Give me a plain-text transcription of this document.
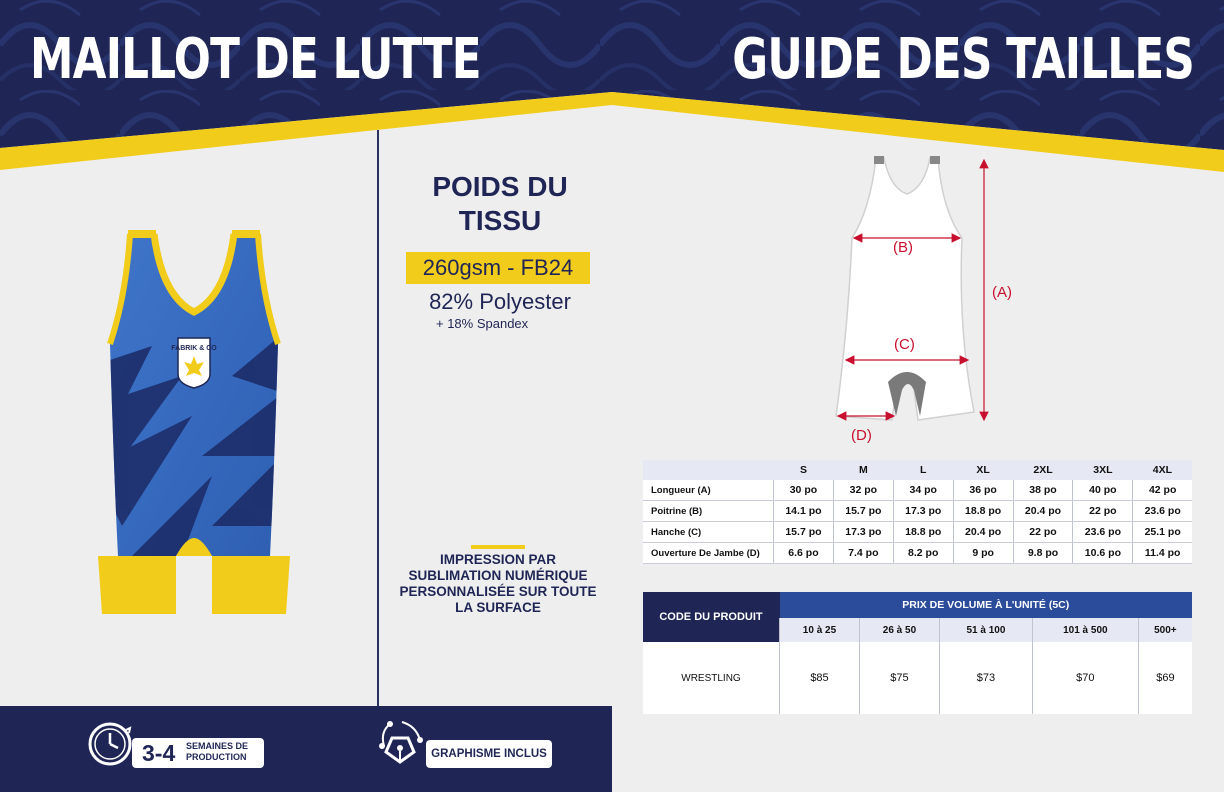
MAILLOT DE LUTTE	GUIDE DES TAILLES
FABRIK & CO
POIDS DU TISSU
260gsm - FB24
82% Polyester
+ 18% Spandex
IMPRESSION PAR SUBLIMATION NUMÉRIQUE PERSONNALISÉE SUR TOUTE LA SURFACE
3-4 SEMAINES DE
PRODUCTION	GRAPHISME INCLUS
(B)
(C)
(A)
(D)
	S	M	L	XL	2XL	3XL	4XL
Longueur (A)	30 po	32 po	34 po	36 po	38 po	40 po	42 po
Poitrine (B)	14.1 po	15.7 po	17.3 po	18.8 po	20.4 po	22 po	23.6 po
Hanche (C)	15.7 po	17.3 po	18.8 po	20.4 po	22 po	23.6 po	25.1 po
Ouverture De Jambe (D)	6.6 po	7.4 po	8.2 po	9 po	9.8 po	10.6 po	11.4 po
CODE DU PRODUIT	PRIX DE VOLUME À L'UNITÉ (5C)				
	10 à 25	26 à 50	51 à 100	101 à 500	500+
WRESTLING	$85	$75	$73	$70	$69
